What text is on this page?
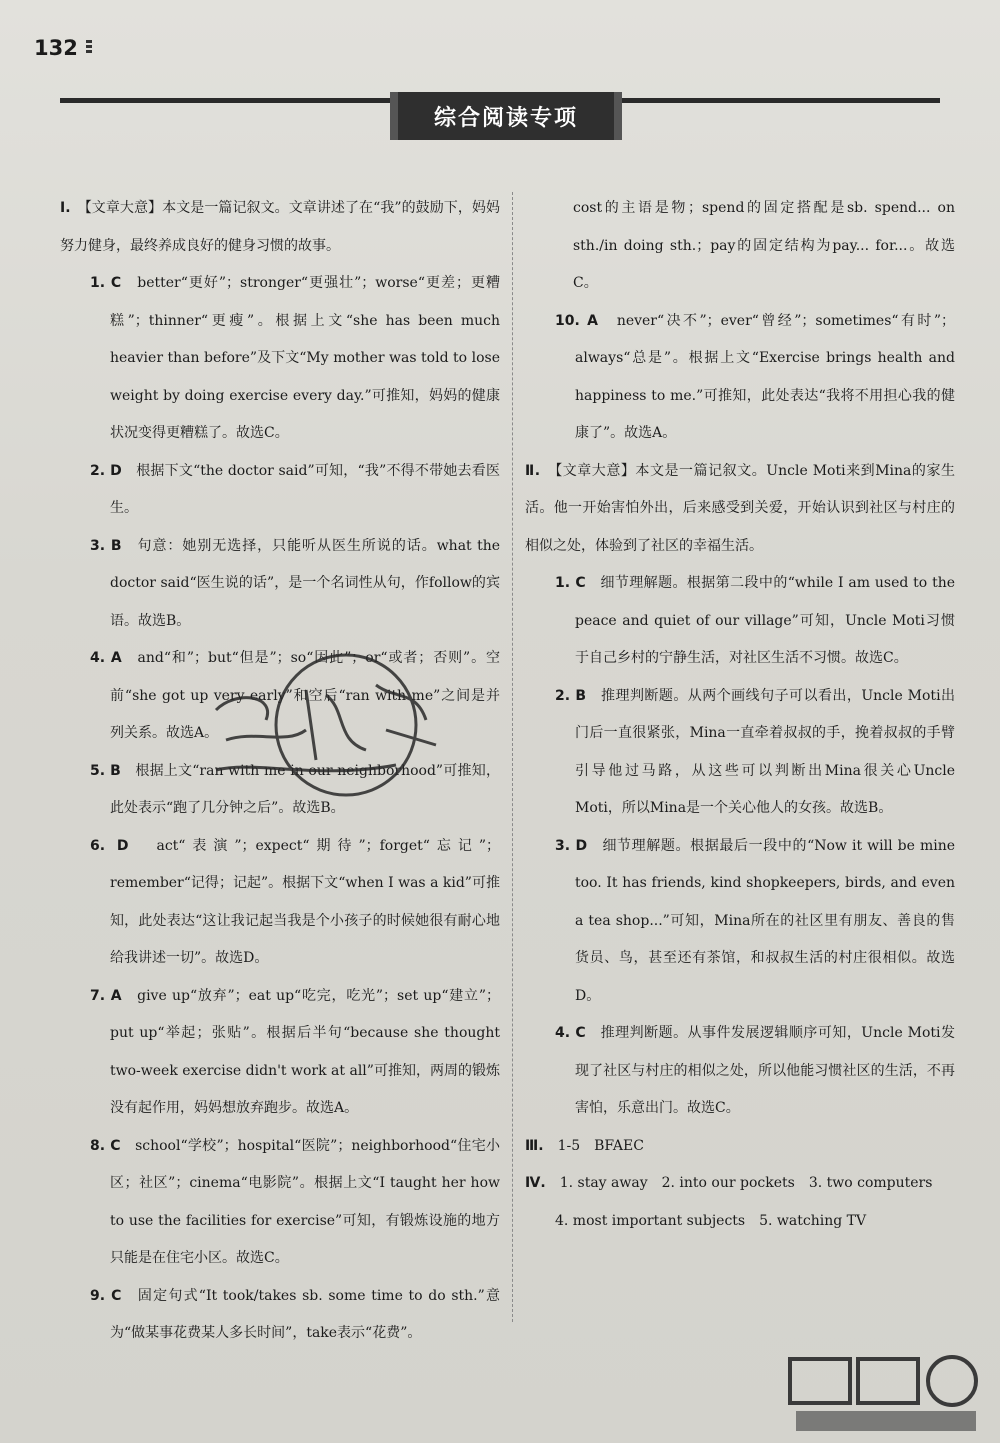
132
综合阅读专项

Ⅰ.　 【文章大意】本文是一篇记叙文。文章讲述了在“我”的鼓励下，妈妈努力健身，最终养成良好的健身习惯的故事。

1. C　 better“更好”；stronger“更强壮”；worse“更差；更糟糕”；thinner“更瘦”。根据上文“she has been much heavier than before”及下文“My mother was told to lose weight by doing exercise every day.”可推知，妈妈的健康状况变得更糟糕了。故选C。

2. D　 根据下文“the doctor said”可知，“我”不得不带她去看医生。

3. B　 句意：她别无选择，只能听从医生所说的话。what the doctor said“医生说的话”，是一个名词性从句，作follow的宾语。故选B。

4. A　 and“和”；but“但是”；so“因此”；or“或者；否则”。空前“she got up very early”和空后“ran with me”之间是并列关系。故选A。

5. B　 根据上文“ran with me in our neighborhood”可推知，此处表示“跑了几分钟之后”。故选B。

6. D　 act“表演”；expect“期待”；forget“忘记”；remember“记得；记起”。根据下文“when I was a kid”可推知，此处表达“这让我记起当我是个小孩子的时候她很有耐心地给我讲述一切”。故选D。

7. A　 give up“放弃”；eat up“吃完，吃光”；set up“建立”；put up“举起；张贴”。根据后半句“because she thought two-week exercise didn't work at all”可推知，两周的锻炼没有起作用，妈妈想放弃跑步。故选A。

8. C　 school“学校”；hospital“医院”；neighborhood“住宅小区；社区”；cinema“电影院”。根据上文“I taught her how to use the facilities for exercise”可知，有锻炼设施的地方只能是在住宅小区。故选C。

9. C　 固定句式“It took/takes sb. some time to do sth.”意为“做某事花费某人多长时间”，take表示“花费”。

cost的主语是物；spend的固定搭配是sb. spend... on sth./in doing sth.；pay的固定结构为pay... for...。故选C。

10. A　 never“决不”；ever“曾经”；sometimes“有时”；always“总是”。根据上文“Exercise brings health and happiness to me.”可推知，此处表达“我将不用担心我的健康了”。故选A。

Ⅱ.　 【文章大意】本文是一篇记叙文。Uncle Moti来到Mina的家生活。他一开始害怕外出，后来感受到关爱，开始认识到社区与村庄的相似之处，体验到了社区的幸福生活。

1. C　 细节理解题。根据第二段中的“while I am used to the peace and quiet of our village”可知，Uncle Moti习惯于自己乡村的宁静生活，对社区生活不习惯。故选C。

2. B　 推理判断题。从两个画线句子可以看出，Uncle Moti出门后一直很紧张，Mina一直牵着叔叔的手，挽着叔叔的手臂引导他过马路，从这些可以判断出Mina很关心Uncle Moti，所以Mina是一个关心他人的女孩。故选B。

3. D　 细节理解题。根据最后一段中的“Now it will be mine too. It has friends, kind shopkeepers, birds, and even a tea shop...”可知，Mina所在的社区里有朋友、善良的售货员、鸟，甚至还有茶馆，和叔叔生活的村庄很相似。故选D。

4. C　 推理判断题。从事件发展逻辑顺序可知，Uncle Moti发现了社区与村庄的相似之处，所以他能习惯社区的生活，不再害怕，乐意出门。故选C。

Ⅲ.　 1-5　BFAEC

Ⅳ.　 1. stay away　2. into our pockets　3. two computers

4. most important subjects　5. watching TV
